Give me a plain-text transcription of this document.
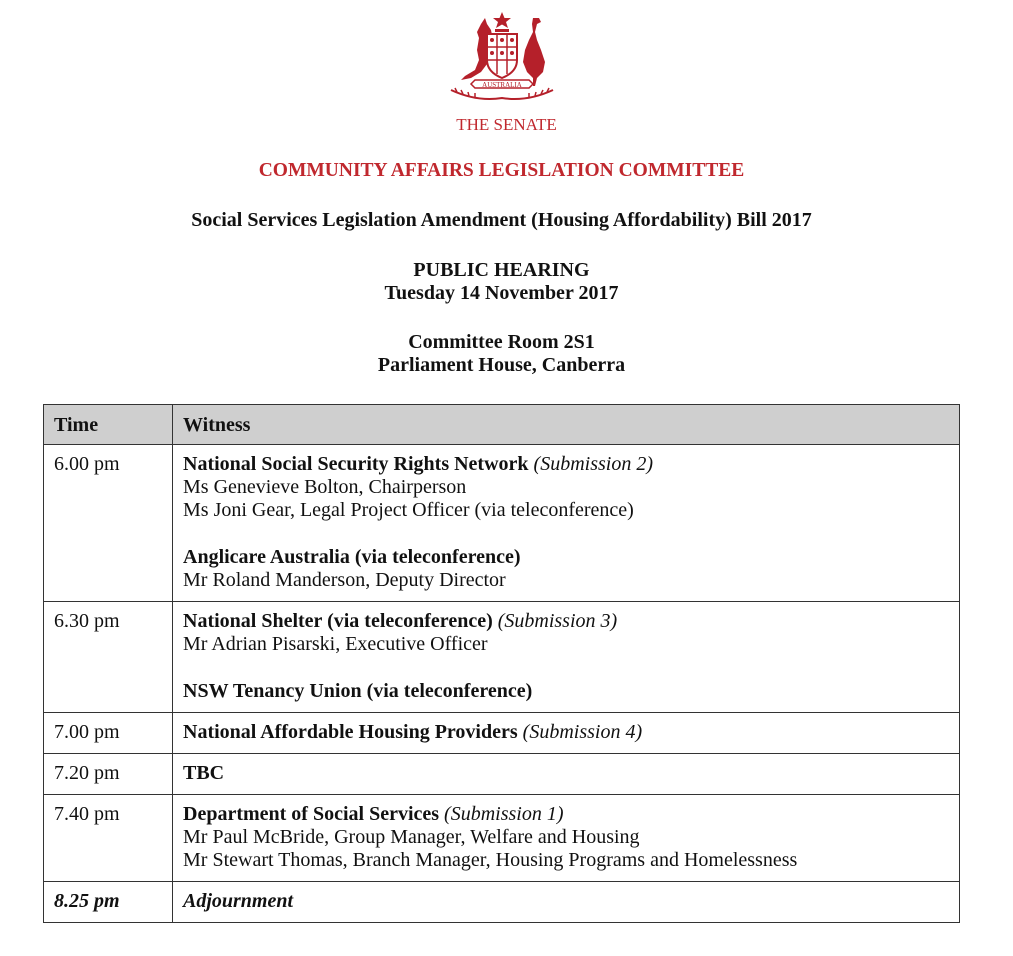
AUSTRALIA
THE SENATE
COMMUNITY AFFAIRS LEGISLATION COMMITTEE
Social Services Legislation Amendment (Housing Affordability) Bill 2017
PUBLIC HEARING
Tuesday 14 November 2017
Committee Room 2S1
Parliament House, Canberra
Time	Witness
6.00 pm	National Social Security Rights Network (Submission 2)
Ms Genevieve Bolton, Chairperson
Ms Joni Gear, Legal Project Officer (via teleconference)
Anglicare Australia (via teleconference)
Mr Roland Manderson, Deputy Director

6.30 pm	National Shelter (via teleconference) (Submission 3)
Mr Adrian Pisarski, Executive Officer
NSW Tenancy Union (via teleconference)

7.00 pm	National Affordable Housing Providers (Submission 4)

7.20 pm	TBC

7.40 pm	Department of Social Services (Submission 1)
Mr Paul McBride, Group Manager, Welfare and Housing
Mr Stewart Thomas, Branch Manager, Housing Programs and Homelessness

8.25 pm	Adjournment
